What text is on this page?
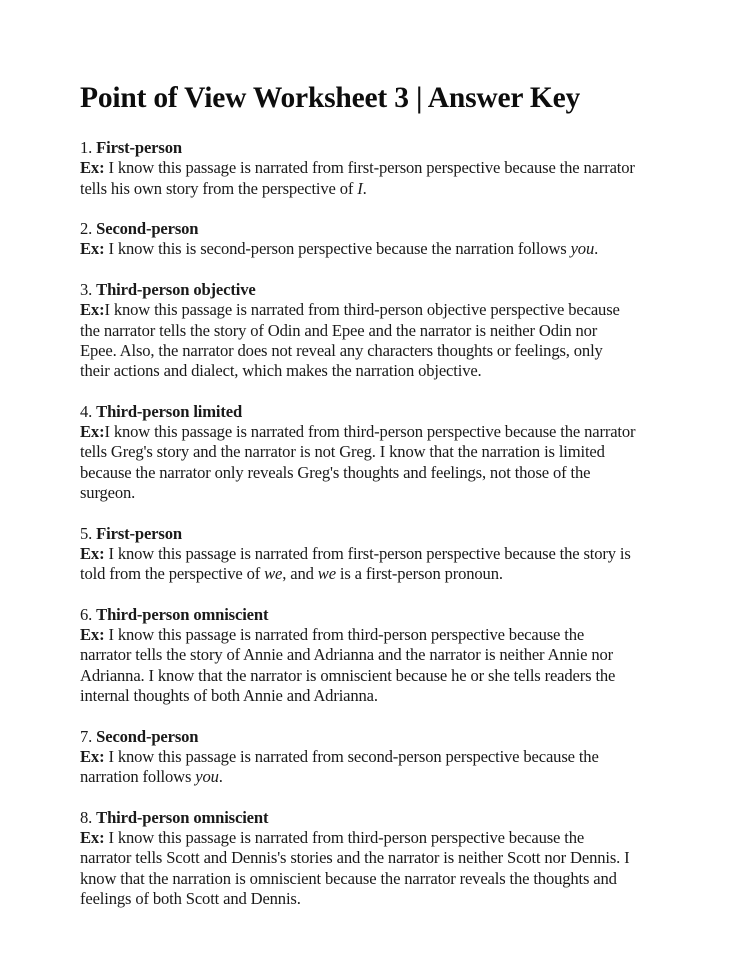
Point of View Worksheet 3 | Answer Key
1. First-person
Ex: I know this passage is narrated from first-person perspective because the narrator
tells his own story from the perspective of I.
2. Second-person
Ex: I know this is second-person perspective because the narration follows you.
3. Third-person objective
Ex:I know this passage is narrated from third-person objective perspective because
the narrator tells the story of Odin and Epee and the narrator is neither Odin nor
Epee. Also, the narrator does not reveal any characters thoughts or feelings, only
their actions and dialect, which makes the narration objective.
4. Third-person limited
Ex:I know this passage is narrated from third-person perspective because the narrator
tells Greg's story and the narrator is not Greg. I know that the narration is limited
because the narrator only reveals Greg's thoughts and feelings, not those of the
surgeon.
5. First-person
Ex: I know this passage is narrated from first-person perspective because the story is
told from the perspective of we, and we is a first-person pronoun.
6. Third-person omniscient
Ex: I know this passage is narrated from third-person perspective because the
narrator tells the story of Annie and Adrianna and the narrator is neither Annie nor
Adrianna. I know that the narrator is omniscient because he or she tells readers the
internal thoughts of both Annie and Adrianna.
7. Second-person
Ex: I know this passage is narrated from second-person perspective because the
narration follows you.
8. Third-person omniscient
Ex: I know this passage is narrated from third-person perspective because the
narrator tells Scott and Dennis's stories and the narrator is neither Scott nor Dennis. I
know that the narration is omniscient because the narrator reveals the thoughts and
feelings of both Scott and Dennis.
